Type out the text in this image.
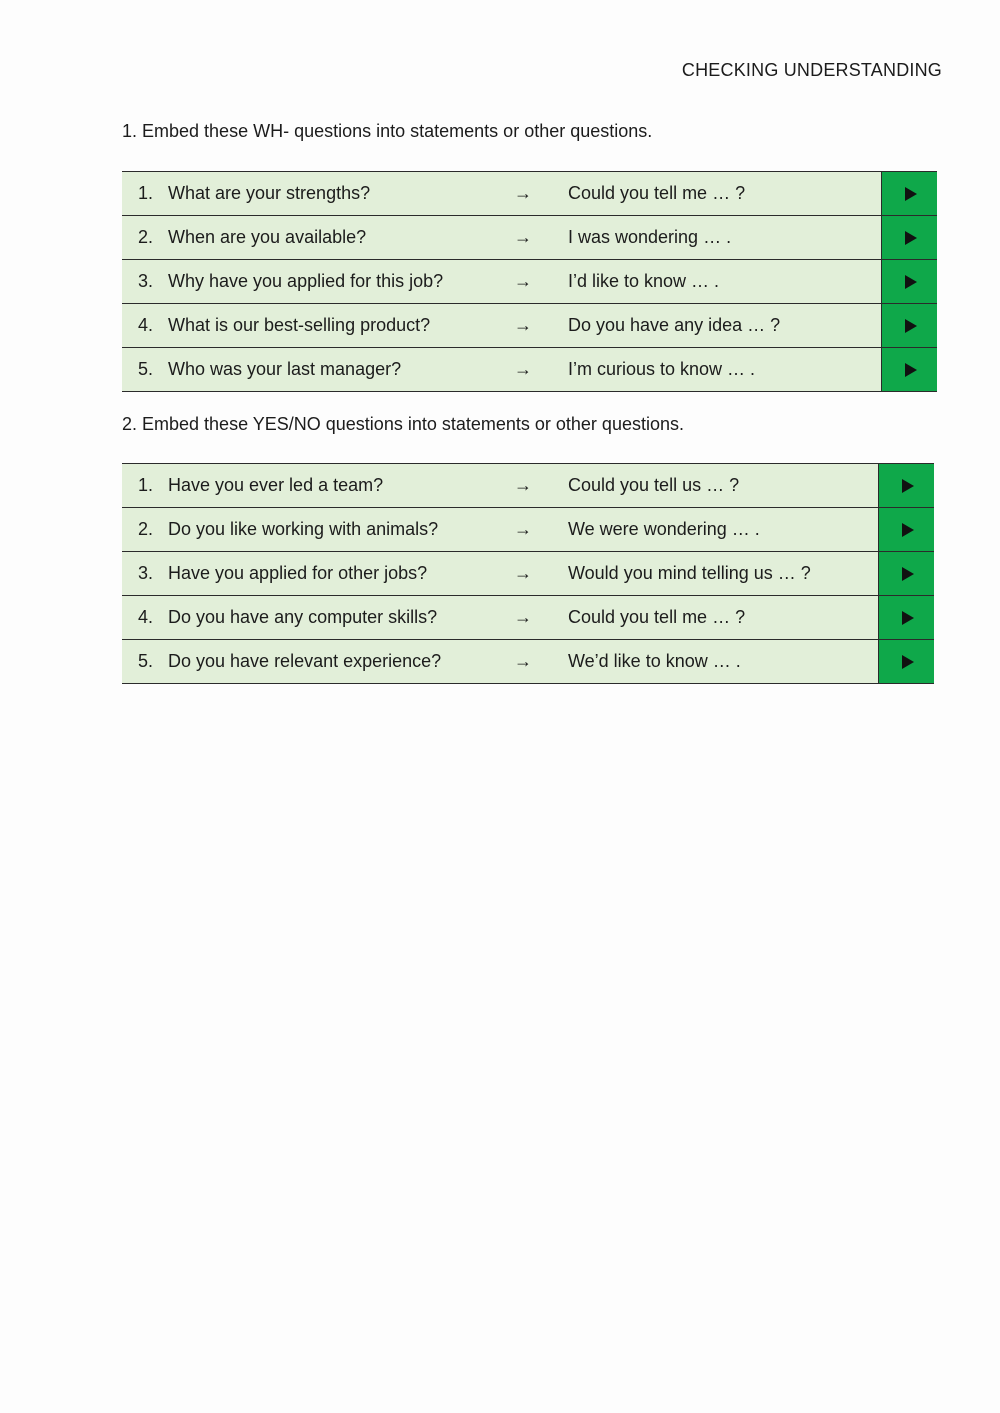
CHECKING UNDERSTANDING
1. Embed these WH- questions into statements or other questions.
1. What are your strengths?	→	Could you tell me … ?
2. When are you available?	→	I was wondering … .
3. Why have you applied for this job?	→	I’d like to know … .
4. What is our best-selling product?	→	Do you have any idea … ?
5. Who was your last manager?	→	I’m curious to know … .
2. Embed these YES/NO questions into statements or other questions.
1. Have you ever led a team?	→	Could you tell us … ?
2. Do you like working with animals?	→	We were wondering … .
3. Have you applied for other jobs?	→	Would you mind telling us … ?
4. Do you have any computer skills?	→	Could you tell me … ?
5. Do you have relevant experience?	→	We’d like to know … .
